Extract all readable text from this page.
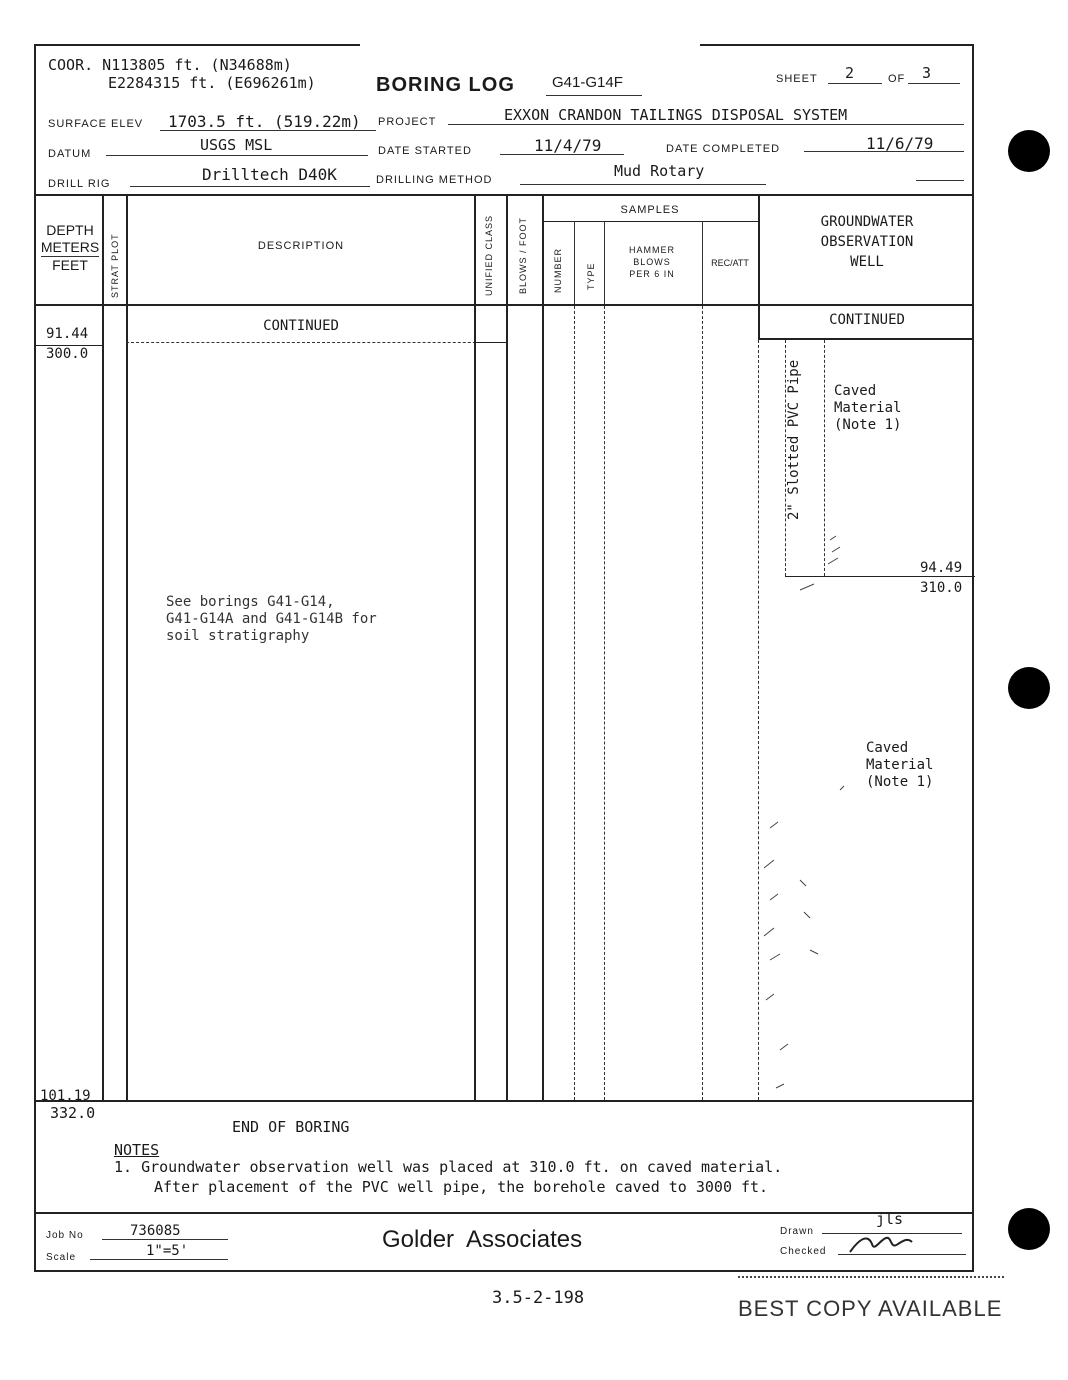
COOR. N113805 ft. (N34688m)
E2284315 ft. (E696261m)	BORING LOG G41-G14F	SHEET 2	OF 3
SURFACE ELEV 1703.5 ft. (519.22m) PROJECT	EXXON CRANDON TAILINGS DISPOSAL SYSTEM
DATUM	USGS MSL	DATE STARTED	11/4/79	DATE COMPLETED	11/6/79
DRILL RIG	Drilltech D40K	DRILLING METHOD	Mud Rotary
DEPTH
METERS
FEET	STRAT PLOT	DESCRIPTION	UNIFIED CLASS	BLOWS / FOOT
SAMPLES
NUMBER	TYPE
HAMMER
BLOWS
PER 6 IN
REC/ATT
GROUNDWATER
OBSERVATION
WELL
CONTINUED	CONTINUED
91.44
300.0
See borings G41-G14,
G41-G14A and G41-G14B for
soil stratigraphy
2" Slotted PVC Pipe Caved
Material
(Note 1)
94.49
310.0
Caved
Material
(Note 1)
101.19
332.0
END OF BORING
NOTES
1. Groundwater observation well was placed at 310.0 ft. on caved material.
After placement of the PVC well pipe, the borehole caved to 3000 ft.
Job No	736085
Scale	1"=5'	Golder  Associates	Drawn
jls
Checked
3.5-2-198	BEST COPY AVAILABLE
